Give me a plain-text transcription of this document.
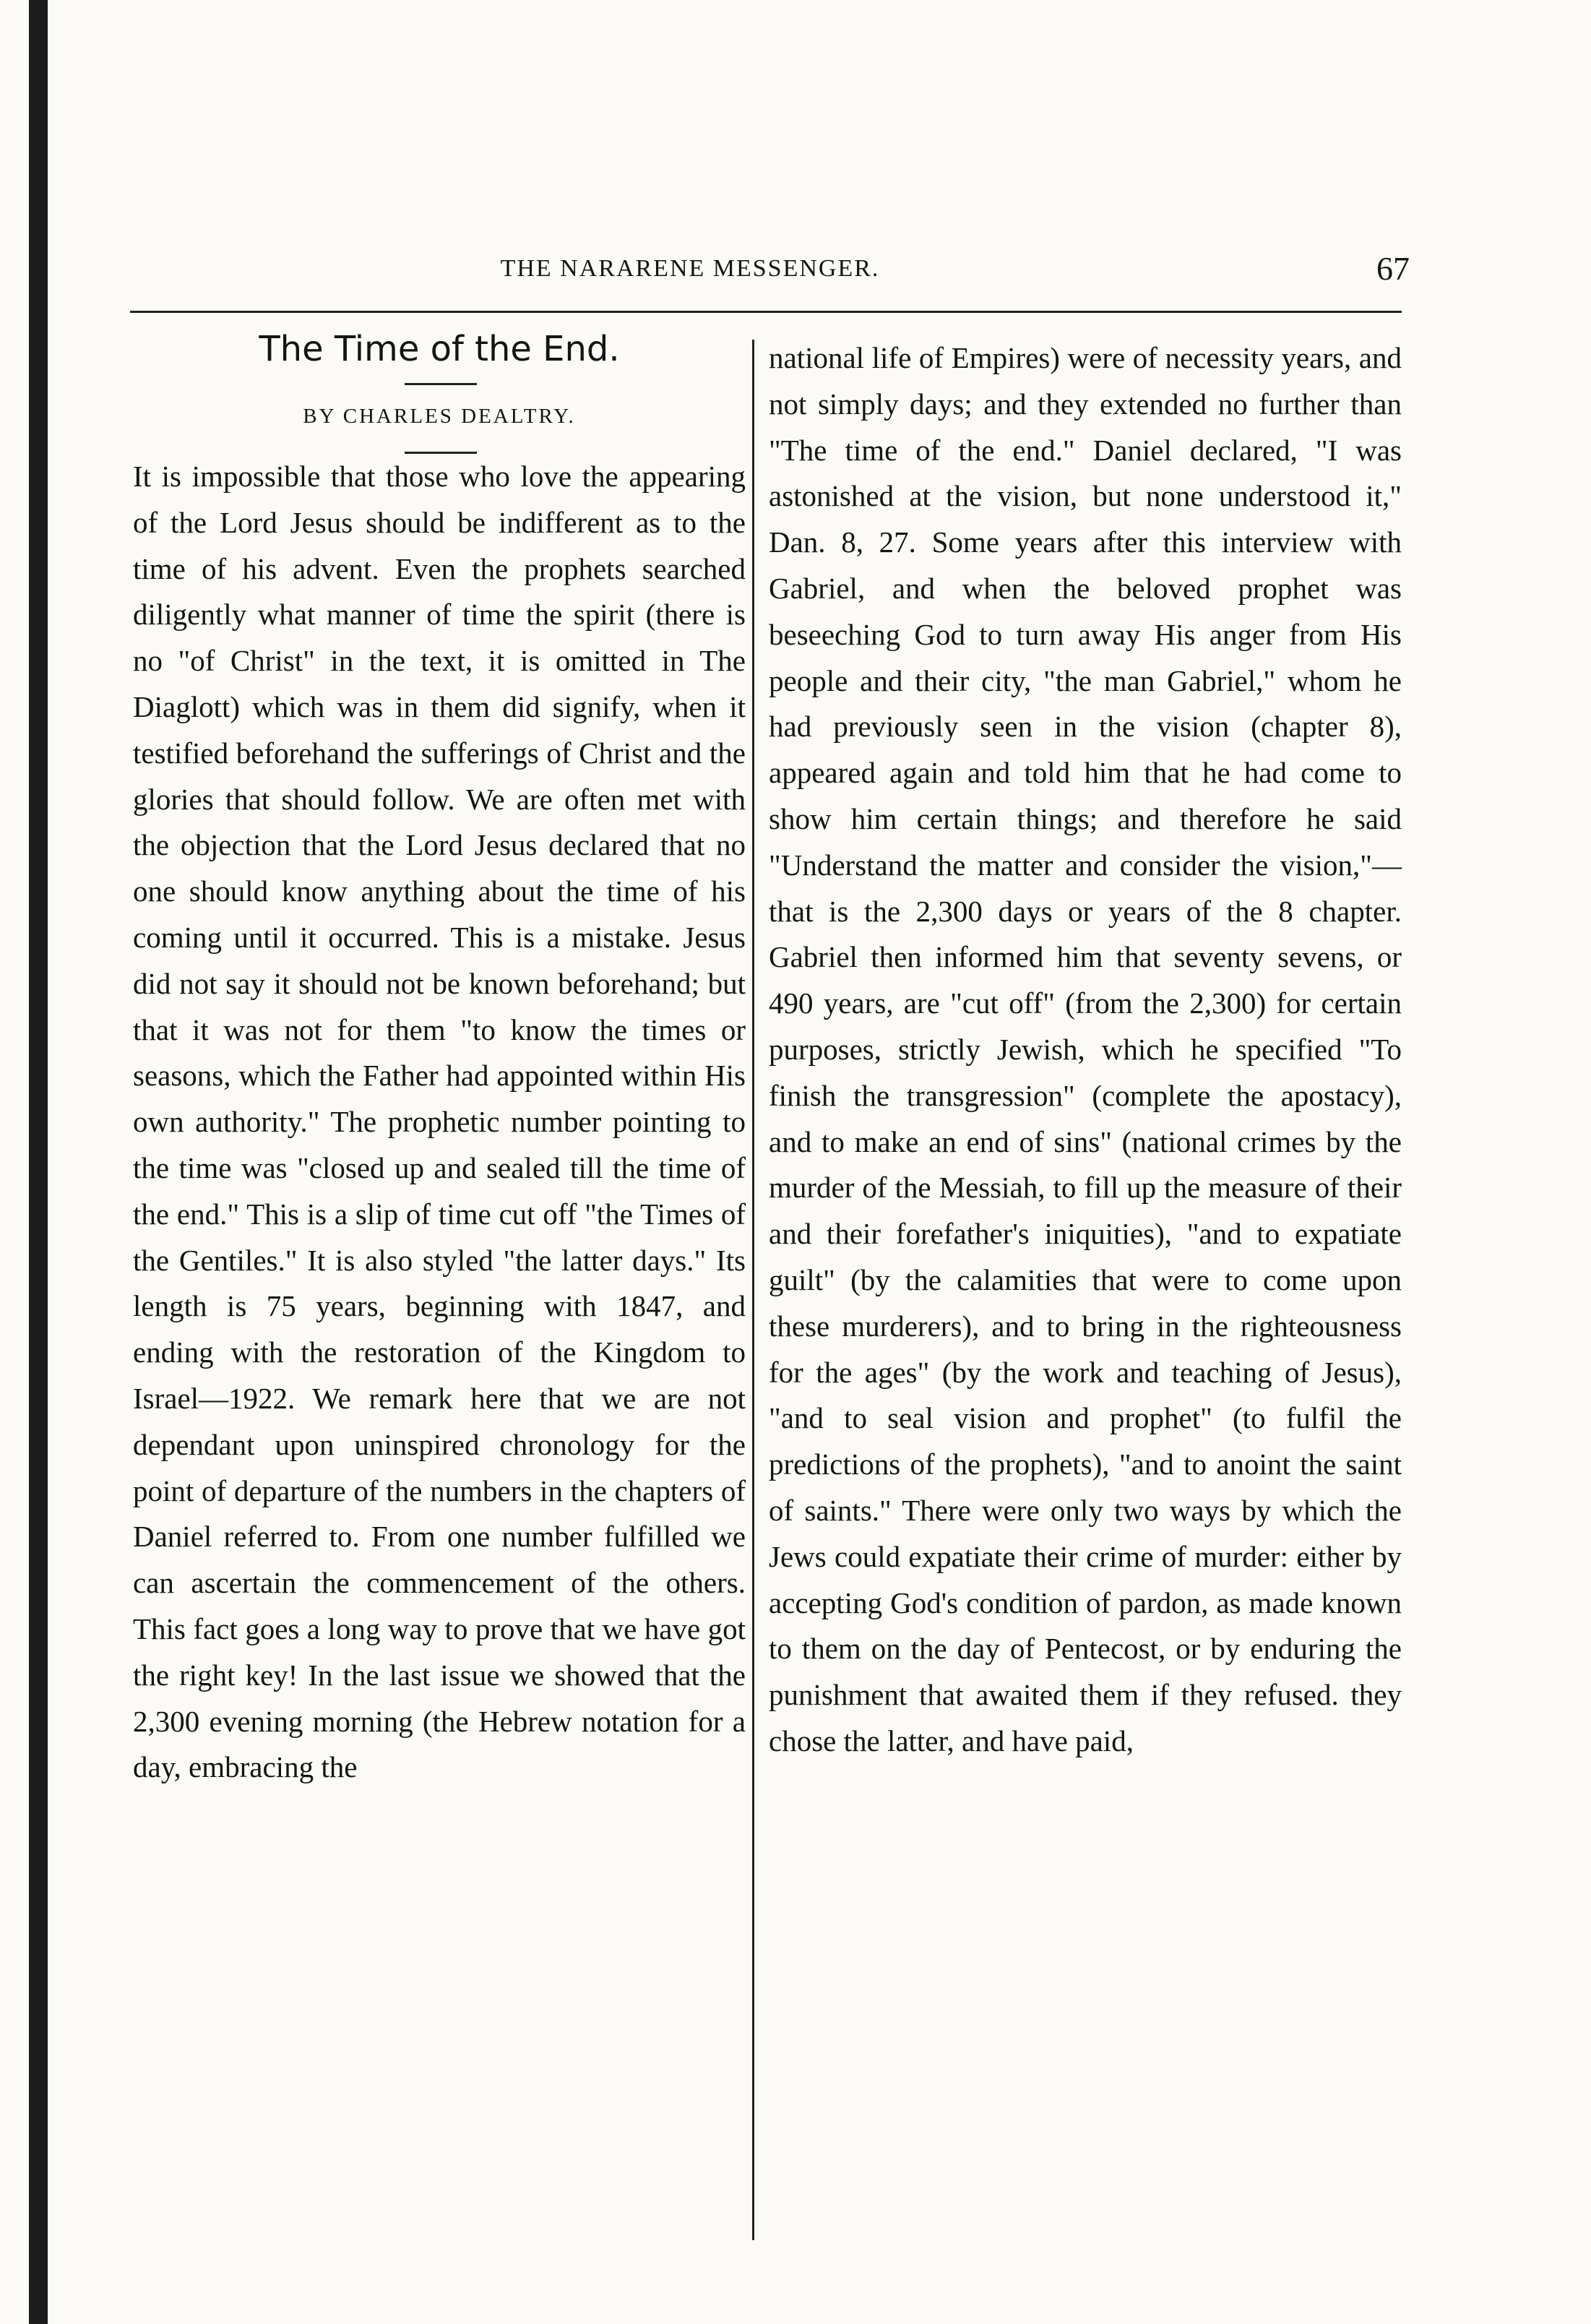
THE NARARENE MESSENGER.	67
The Time of the End.
BY CHARLES DEALTRY.

It is impossible that those who love the appearing of the Lord Jesus should be indifferent as to the time of his advent. Even the prophets searched diligently what manner of time the spirit (there is no "of Christ" in the text, it is omitted in The Diaglott) which was in them did signify, when it testified beforehand the sufferings of Christ and the glories that should follow. We are often met with the objection that the Lord Jesus declared that no one should know anything about the time of his coming until it occurred. This is a mistake. Jesus did not say it should not be known beforehand; but that it was not for them "to know the times or seasons, which the Father had appointed within His own authority." The prophetic number pointing to the time was "closed up and sealed till the time of the end." This is a slip of time cut off "the Times of the Gentiles." It is also styled "the latter days." Its length is 75 years, beginning with 1847, and ending with the restoration of the Kingdom to Israel—1922. We remark here that we are not dependant upon uninspired chronology for the point of departure of the numbers in the chapters of Daniel referred to. From one number fulfilled we can ascertain the commencement of the others. This fact goes a long way to prove that we have got the right key! In the last issue we showed that the 2,300 evening morning (the Hebrew notation for a day, embracing the

national life of Empires) were of necessity years, and not simply days; and they extended no further than "The time of the end." Daniel declared, "I was astonished at the vision, but none understood it," Dan. 8, 27. Some years after this interview with Gabriel, and when the beloved prophet was beseeching God to turn away His anger from His people and their city, "the man Gabriel," whom he had previously seen in the vision (chapter 8), appeared again and told him that he had come to show him certain things; and therefore he said "Understand the matter and consider the vision,"—that is the 2,300 days or years of the 8 chapter. Gabriel then informed him that seventy sevens, or 490 years, are "cut off" (from the 2,300) for certain purposes, strictly Jewish, which he specified "To finish the transgression" (complete the apostacy), and to make an end of sins" (national crimes by the murder of the Messiah, to fill up the measure of their and their forefather's iniquities), "and to expatiate guilt" (by the calamities that were to come upon these murderers), and to bring in the righteousness for the ages" (by the work and teaching of Jesus), "and to seal vision and prophet" (to fulfil the predictions of the prophets), "and to anoint the saint of saints." There were only two ways by which the Jews could expatiate their crime of murder: either by accepting God's condition of pardon, as made known to them on the day of Pentecost, or by enduring the punishment that awaited them if they refused. they chose the latter, and have paid,
